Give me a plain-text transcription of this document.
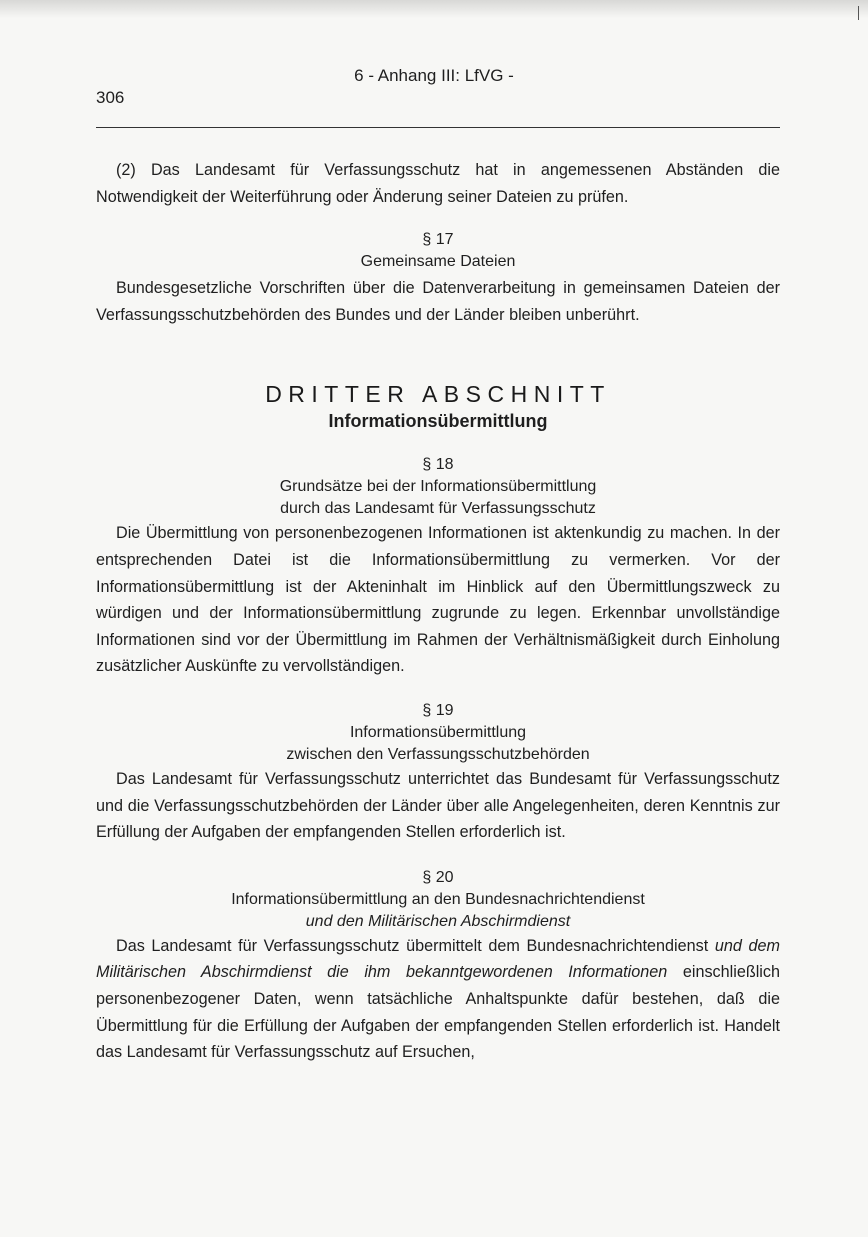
6 - Anhang III: LfVG -
306

(2) Das Landesamt für Verfassungsschutz hat in angemessenen Abständen die Notwendigkeit der Weiterführung oder Änderung seiner Dateien zu prüfen.

§ 17

Gemeinsame Dateien

Bundesgesetzliche Vorschriften über die Datenverarbeitung in gemeinsamen Dateien der Verfassungsschutzbehörden des Bundes und der Länder bleiben unberührt.

DRITTER ABSCHNITT

Informationsübermittlung

§ 18

Grundsätze bei der Informationsübermittlung

durch das Landesamt für Verfassungsschutz

Die Übermittlung von personenbezogenen Informationen ist aktenkundig zu machen. In der entsprechenden Datei ist die Informationsübermittlung zu vermerken. Vor der Informationsübermittlung ist der Akteninhalt im Hinblick auf den Übermittlungszweck zu würdigen und der Informationsübermittlung zugrunde zu legen. Erkennbar unvollständige Informationen sind vor der Übermittlung im Rahmen der Verhältnismäßigkeit durch Einholung zusätzlicher Auskünfte zu vervollständigen.

§ 19

Informationsübermittlung

zwischen den Verfassungsschutzbehörden

Das Landesamt für Verfassungsschutz unterrichtet das Bundesamt für Verfassungsschutz und die Verfassungsschutzbehörden der Länder über alle Angelegenheiten, deren Kenntnis zur Erfüllung der Aufgaben der empfangenden Stellen erforderlich ist.

§ 20

Informationsübermittlung an den Bundesnachrichtendienst

und den Militärischen Abschirmdienst

Das Landesamt für Verfassungsschutz übermittelt dem Bundesnachrichtendienst und dem Militärischen Abschirmdienst die ihm bekanntgewordenen Informationen einschließlich personenbezogener Daten, wenn tatsächliche Anhaltspunkte dafür bestehen, daß die Übermittlung für die Erfüllung der Aufgaben der empfangenden Stellen erforderlich ist. Handelt das Landesamt für Verfassungsschutz auf Ersuchen,
